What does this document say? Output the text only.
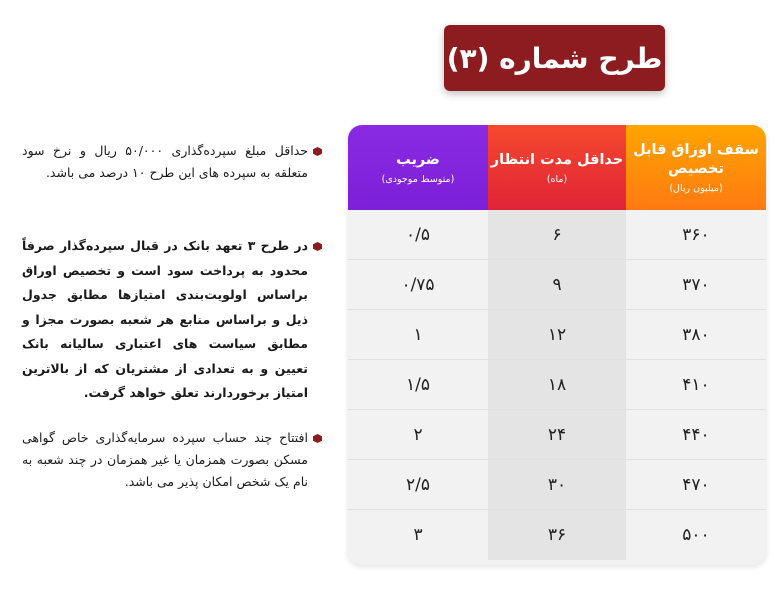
طرح شماره (۳)
حداقل مبلغ سپرده‌گذاری ۵۰/۰۰۰ ریال و نرخ سود متعلقه به سپرده های این طرح ۱۰ درصد می باشد.
در طرح ۳ تعهد بانک در قبال سپرده‌گذار صرفاً محدود به پرداخت سود است و تخصیص اوراق براساس اولویت‌بندی امتیازها مطابق جدول ذیل و براساس منابع هر شعبه بصورت مجزا و مطابق سیاست های اعتباری سالیانه بانک تعیین و به تعدادی از مشتریان که از بالاترین امتیاز برخوردارند تعلق خواهد گرفت.
افتتاح چند حساب سپرده سرمایه‌گذاری خاص گواهی مسکن بصورت همزمان یا غیر همزمان در چند شعبه به نام یک شخص امکان پذیر می باشد.
ضریب
(متوسط موجودی)
حداقل مدت انتظار
(ماه)
سقف اوراق قابل تخصیص
(میلیون ریال)
۰/۵	۶	۳۶۰
۰/۷۵	۹	۳۷۰
۱	۱۲	۳۸۰
۱/۵	۱۸	۴۱۰
۲	۲۴	۴۴۰
۲/۵	۳۰	۴۷۰
۳	۳۶	۵۰۰
